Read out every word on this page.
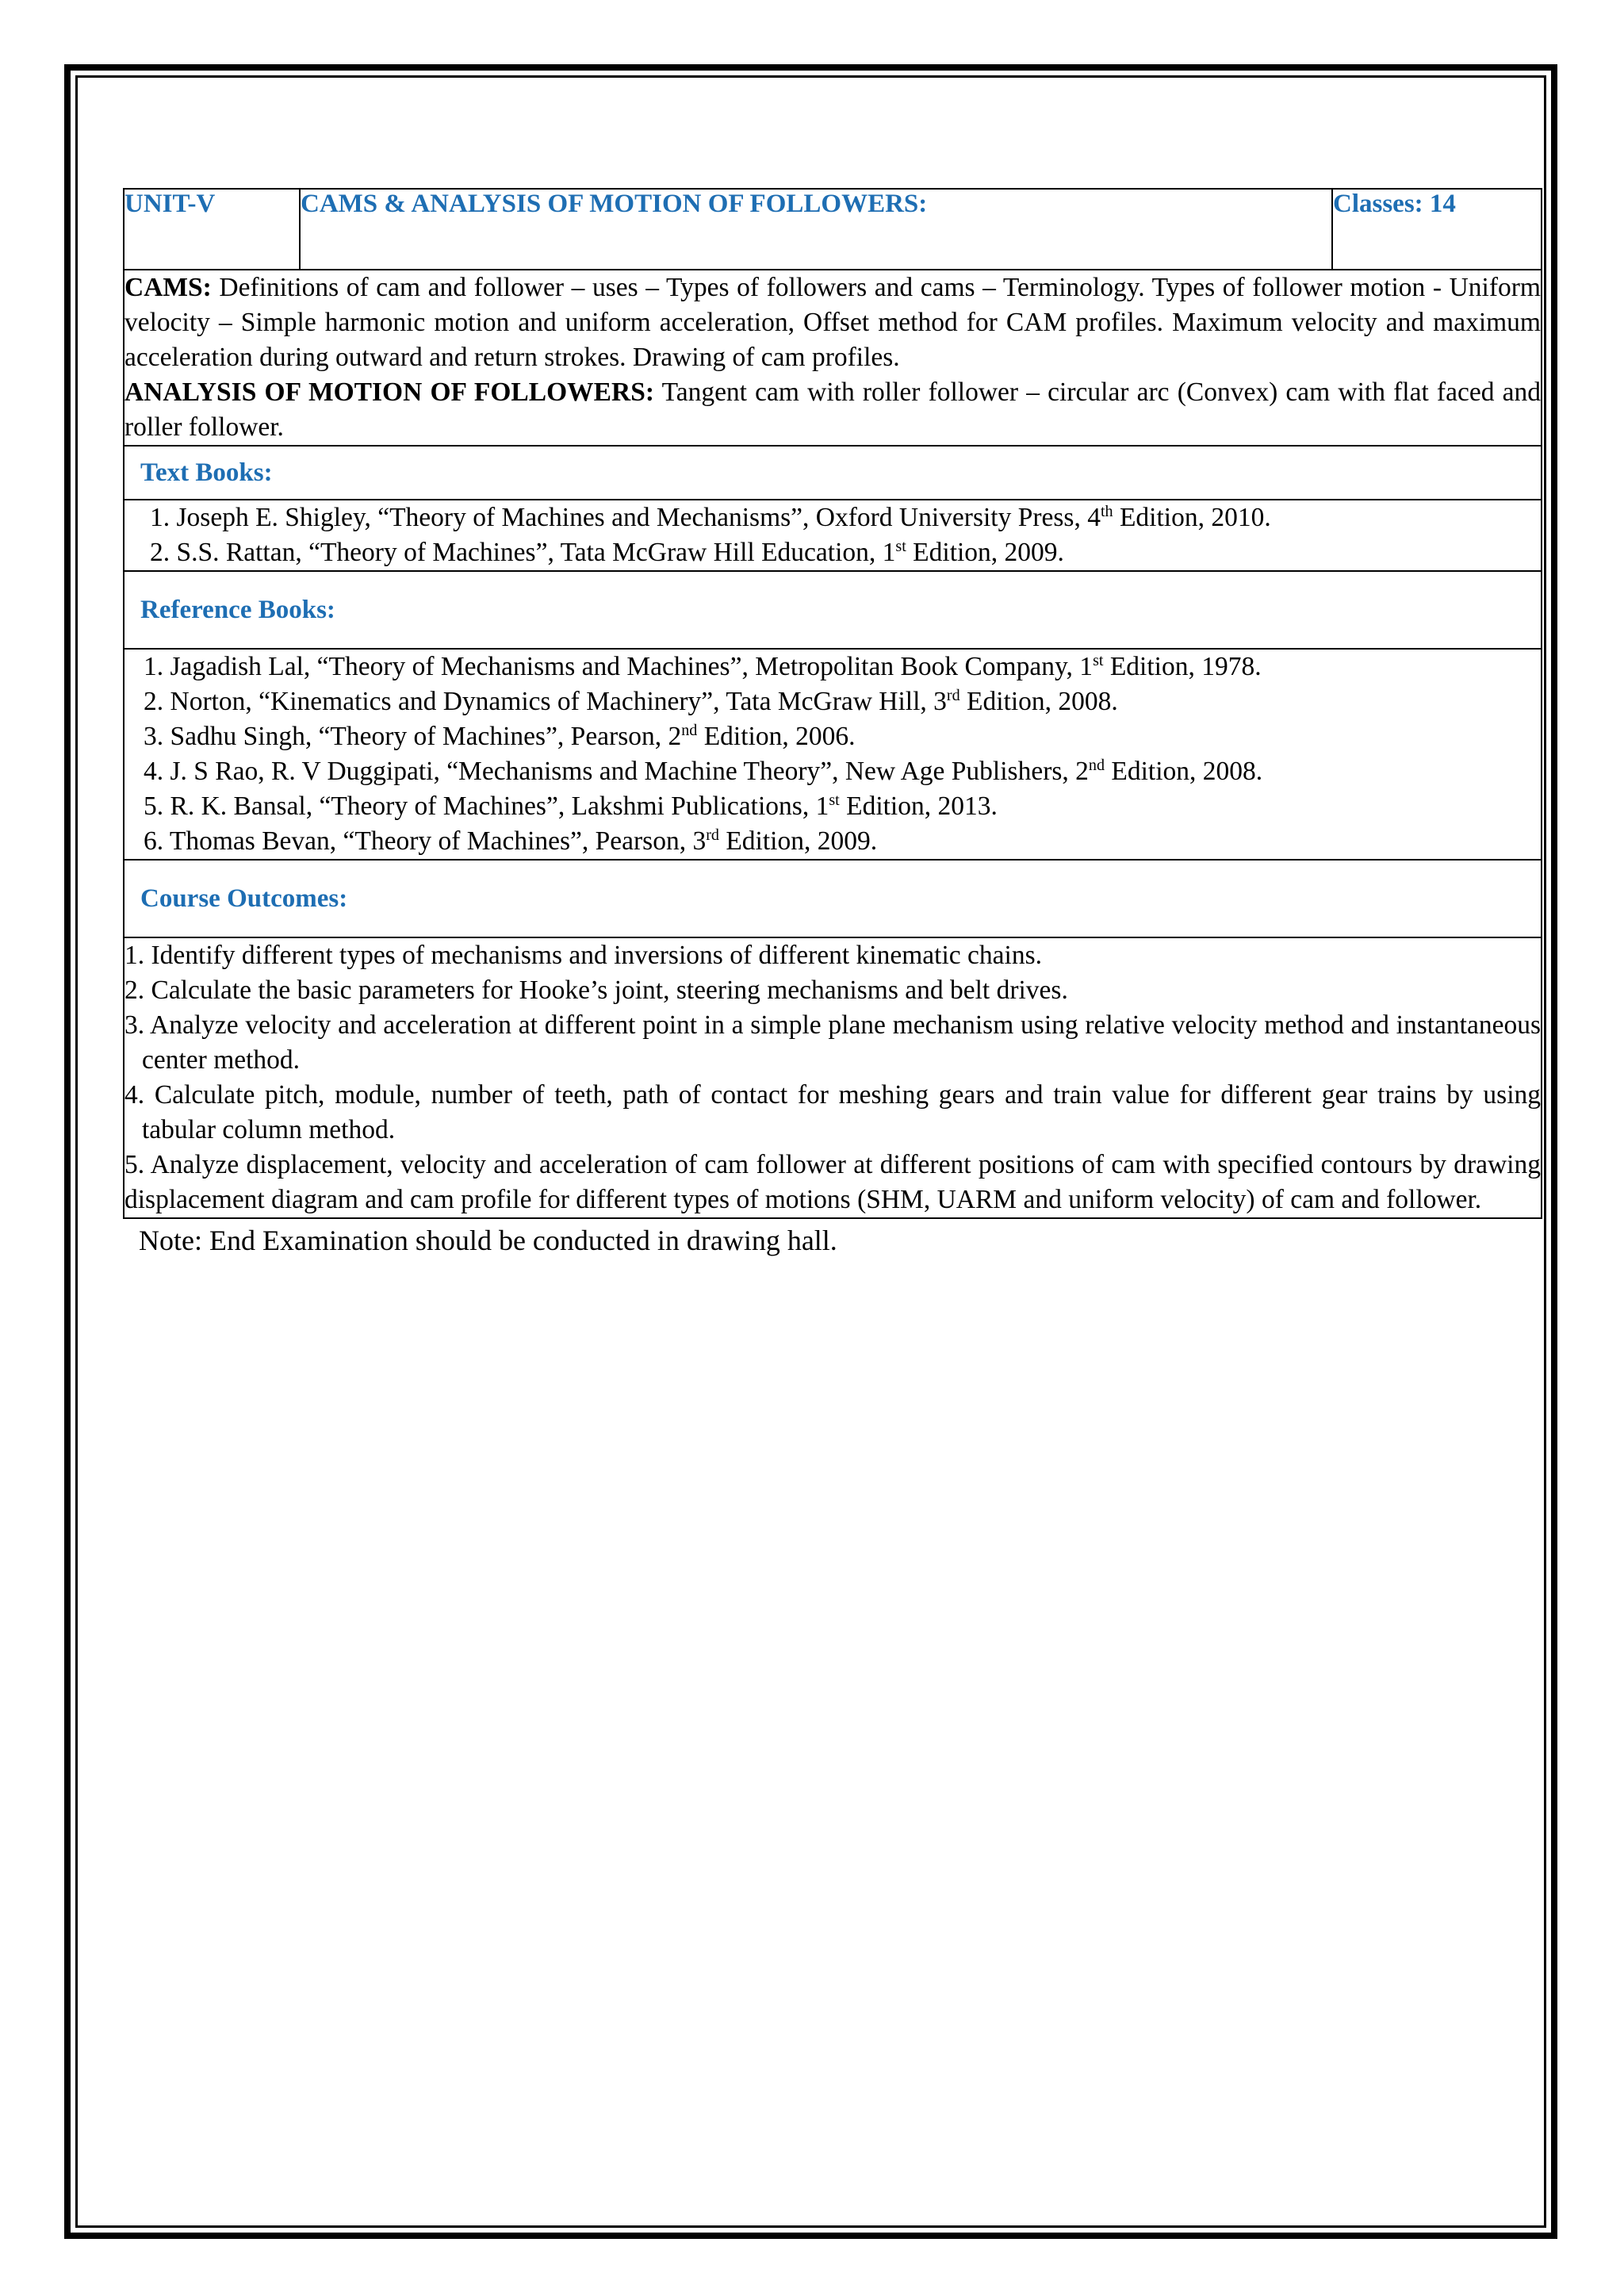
UNIT-V	CAMS & ANALYSIS OF MOTION OF FOLLOWERS:	Classes: 14
CAMS: Definitions of cam and follower – uses – Types of followers and cams – Terminology. Types of follower motion - Uniform velocity – Simple harmonic motion and uniform acceleration, Offset method for CAM profiles. Maximum velocity and maximum acceleration during outward and return strokes. Drawing of cam profiles.
ANALYSIS OF MOTION OF FOLLOWERS: Tangent cam with roller follower – circular arc (Convex) cam with flat faced and roller follower.
Text Books:

1. Joseph E. Shigley, “Theory of Machines and Mechanisms”, Oxford University Press, 4th Edition, 2010.
2. S.S. Rattan, “Theory of Machines”, Tata McGraw Hill Education, 1st Edition, 2009.

Reference Books:

1. Jagadish Lal, “Theory of Mechanisms and Machines”, Metropolitan Book Company, 1st Edition, 1978.
2. Norton, “Kinematics and Dynamics of Machinery”, Tata McGraw Hill, 3rd Edition, 2008.
3. Sadhu Singh, “Theory of Machines”, Pearson, 2nd Edition, 2006.
4. J. S Rao, R. V Duggipati, “Mechanisms and Machine Theory”, New Age Publishers, 2nd Edition, 2008.
5. R. K. Bansal, “Theory of Machines”, Lakshmi Publications, 1st Edition, 2013.
6. Thomas Bevan, “Theory of Machines”, Pearson, 3rd Edition, 2009.

Course Outcomes:

1. Identify different types of mechanisms and inversions of different kinematic chains.
2. Calculate the basic parameters for Hooke’s joint, steering mechanisms and belt drives.
3. Analyze velocity and acceleration at different point in a simple plane mechanism using relative velocity method and instantaneous center method.
4. Calculate pitch, module, number of teeth, path of contact for meshing gears and train value for different gear trains by using tabular column method.
5. Analyze displacement, velocity and acceleration of cam follower at different positions of cam with specified contours by drawing displacement diagram and cam profile for different types of motions (SHM, UARM and uniform velocity) of cam and follower.
Note: End Examination should be conducted in drawing hall.
